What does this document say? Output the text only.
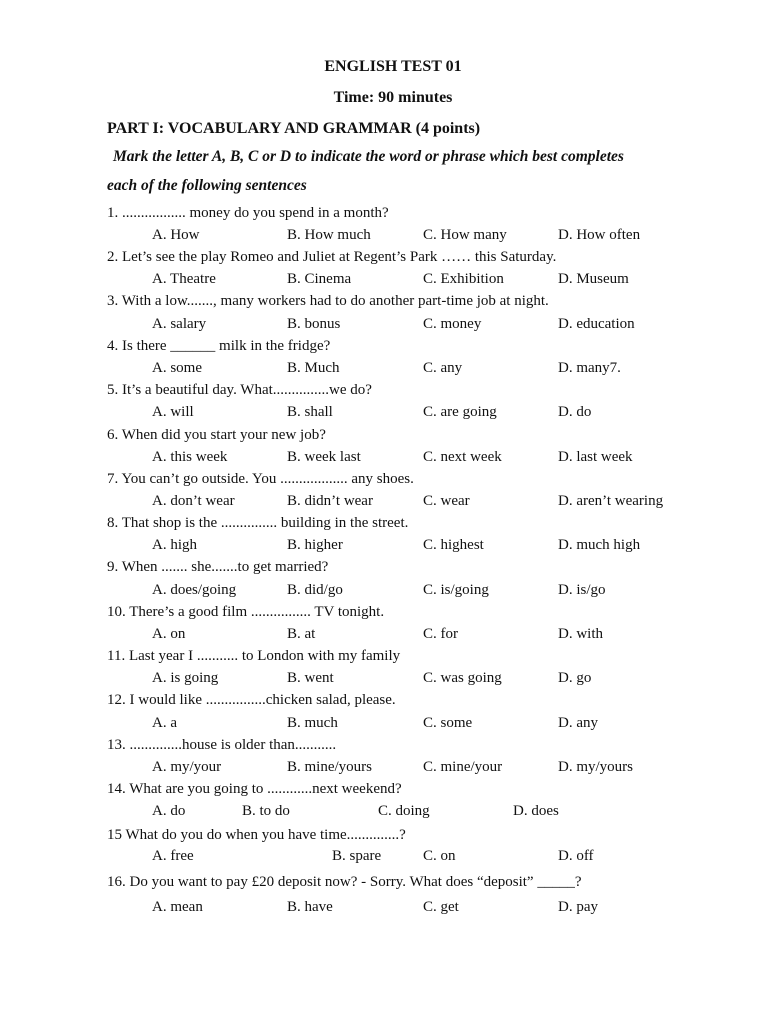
ENGLISH TEST 01
Time: 90 minutes
PART I: VOCABULARY AND GRAMMAR (4 points)
Mark the letter A, B, C or D to indicate the word or phrase which best completes
each of the following sentences
1. ................. money do you spend in a month?
A. How	B. How much	C. How many	D. How often
2. Let’s see the play Romeo and Juliet at Regent’s Park …… this Saturday.
A. Theatre	B. Cinema	C. Exhibition	D. Museum
3. With a low......., many workers had to do another part-time job at night.
A. salary	B. bonus	C. money	D. education
4. Is there ______ milk in the fridge?
A. some	B. Much	C. any	D. many7.
5. It’s a beautiful day. What...............we do?
A. will	B. shall	C. are going	D. do
6. When did you start your new job?
A. this week	B. week last	C. next week	D. last week
7. You can’t go outside. You .................. any shoes.
A. don’t wear	B. didn’t wear	C. wear	D. aren’t wearing
8. That shop is the ............... building in the street.
A. high	B. higher	C. highest	D. much high
9. When ....... she.......to get married?
A. does/going	B. did/go	C. is/going	D. is/go
10. There’s a good film ................ TV tonight.
A. on	B. at	C. for	D. with
11. Last year I ........... to London with my family
A. is going	B. went	C. was going	D. go
12. I would like ................chicken salad, please.
A. a	B. much	C. some	D. any
13. ..............house is older than...........
A. my/your	B. mine/yours	C. mine/your	D. my/yours
14. What are you going to ............next weekend?
A. do	B. to do	C. doing	D. does
15 What do you do when you have time..............?
A. free	B. spare	C. on	D. off
16. Do you want to pay £20 deposit now? - Sorry. What does “deposit” _____?
A. mean	B. have	C. get	D. pay
